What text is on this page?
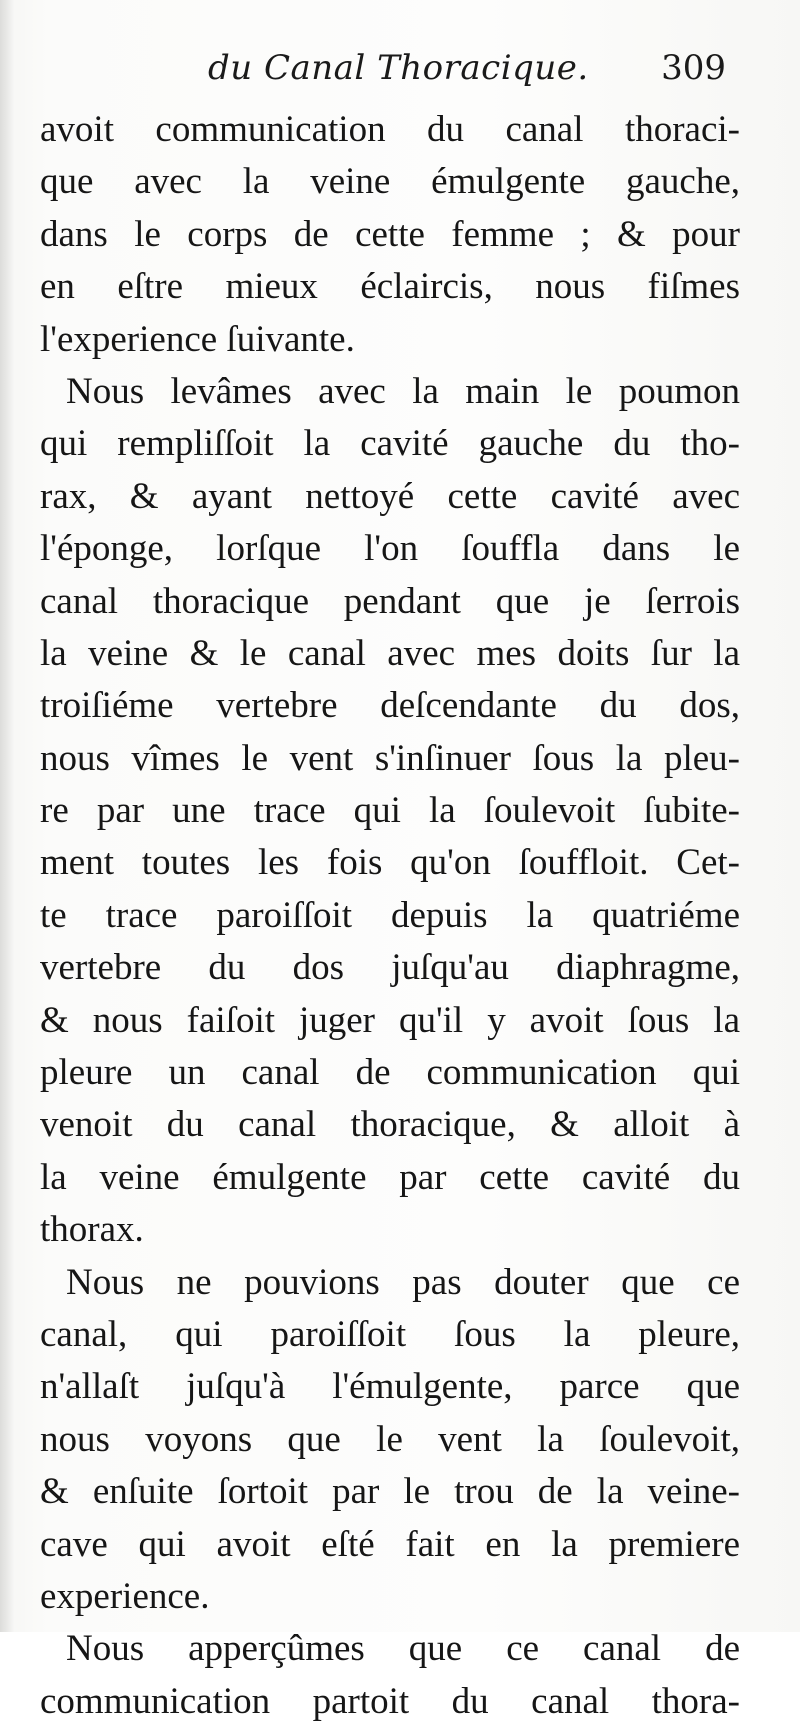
du Canal Thoracique. 309
avoit communication du canal thoraci-
que avec la veine émulgente gauche,
dans le corps de cette femme ; & pour
en eſtre mieux éclaircis, nous fiſmes
l'experience ſuivante.
Nous levâmes avec la main le poumon
qui rempliſſoit la cavité gauche du tho-
rax, & ayant nettoyé cette cavité avec
l'éponge, lorſque l'on ſouffla dans le
canal thoracique pendant que je ſerrois
la veine & le canal avec mes doits ſur la
troiſiéme vertebre deſcendante du dos,
nous vîmes le vent s'inſinuer ſous la pleu-
re par une trace qui la ſoulevoit ſubite-
ment toutes les fois qu'on ſouffloit. Cet-
te trace paroiſſoit depuis la quatriéme
vertebre du dos juſqu'au diaphragme,
& nous faiſoit juger qu'il y avoit ſous la
pleure un canal de communication qui
venoit du canal thoracique, & alloit à
la veine émulgente par cette cavité du
thorax.
Nous ne pouvions pas douter que ce
canal, qui paroiſſoit ſous la pleure,
n'allaſt juſqu'à l'émulgente, parce que
nous voyons que le vent la ſoulevoit,
& enſuite ſortoit par le trou de la veine-
cave qui avoit eſté fait en la premiere
experience.
Nous apperçûmes que ce canal de
communication partoit du canal thora-
